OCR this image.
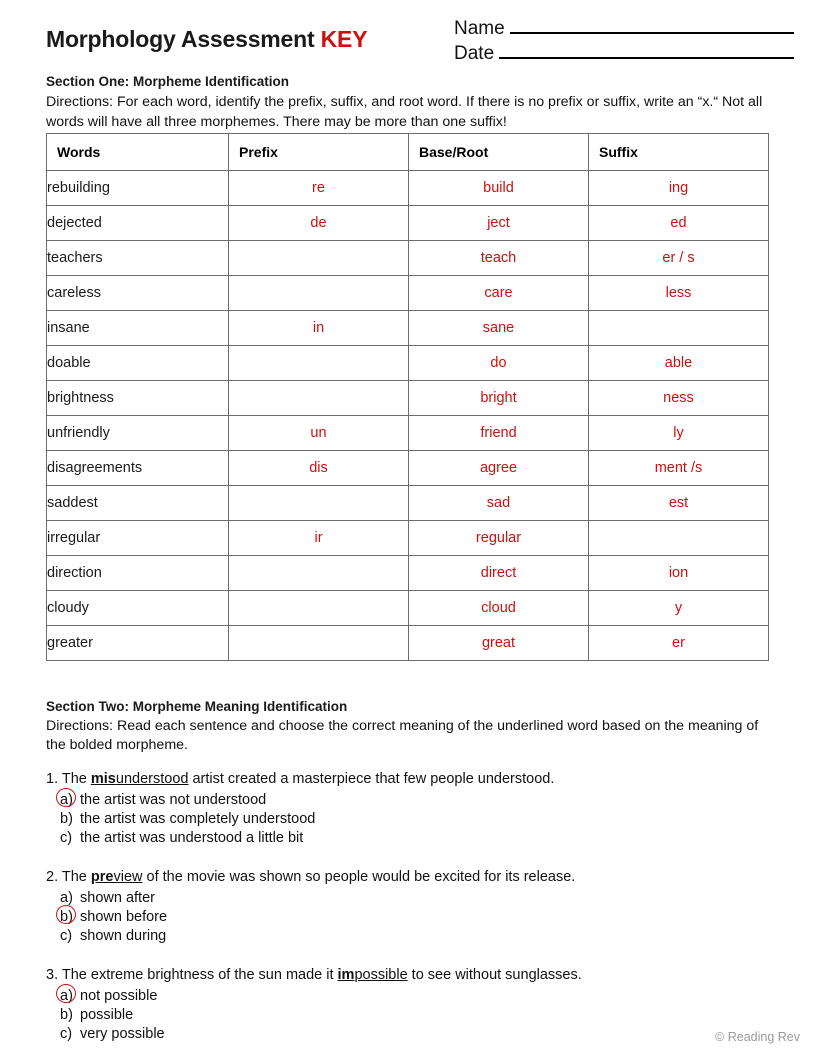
Morphology Assessment KEY	Name
Date
Section One: Morpheme Identification
Directions: For each word, identify the prefix, suffix, and root word. If there is no prefix or suffix, write an “x.“ Not all words will have all three morphemes. There may be more than one suffix!
Words	Prefix	Base/Root	Suffix
rebuilding	re	build	ing
dejected	de	ject	ed
teachers		teach	er / s
careless		care	less
insane	in	sane	
doable		do	able
brightness		bright	ness
unfriendly	un	friend	ly
disagreements	dis	agree	ment /s
saddest		sad	est
irregular	ir	regular	
direction		direct	ion
cloudy		cloud	y
greater		great	er
Section Two: Morpheme Meaning Identification
Directions: Read each sentence and choose the correct meaning of the underlined word based on the meaning of the bolded morpheme.
1. The misunderstood artist created a masterpiece that few people understood.
a) the artist was not understood
b) the artist was completely understood
c) the artist was understood a little bit
2. The preview of the movie was shown so people would be excited for its release.
a) shown after
b) shown before
c) shown during
3. The extreme brightness of the sun made it impossible to see without sunglasses.
a) not possible
b) possible
c) very possible	© Reading Rev
